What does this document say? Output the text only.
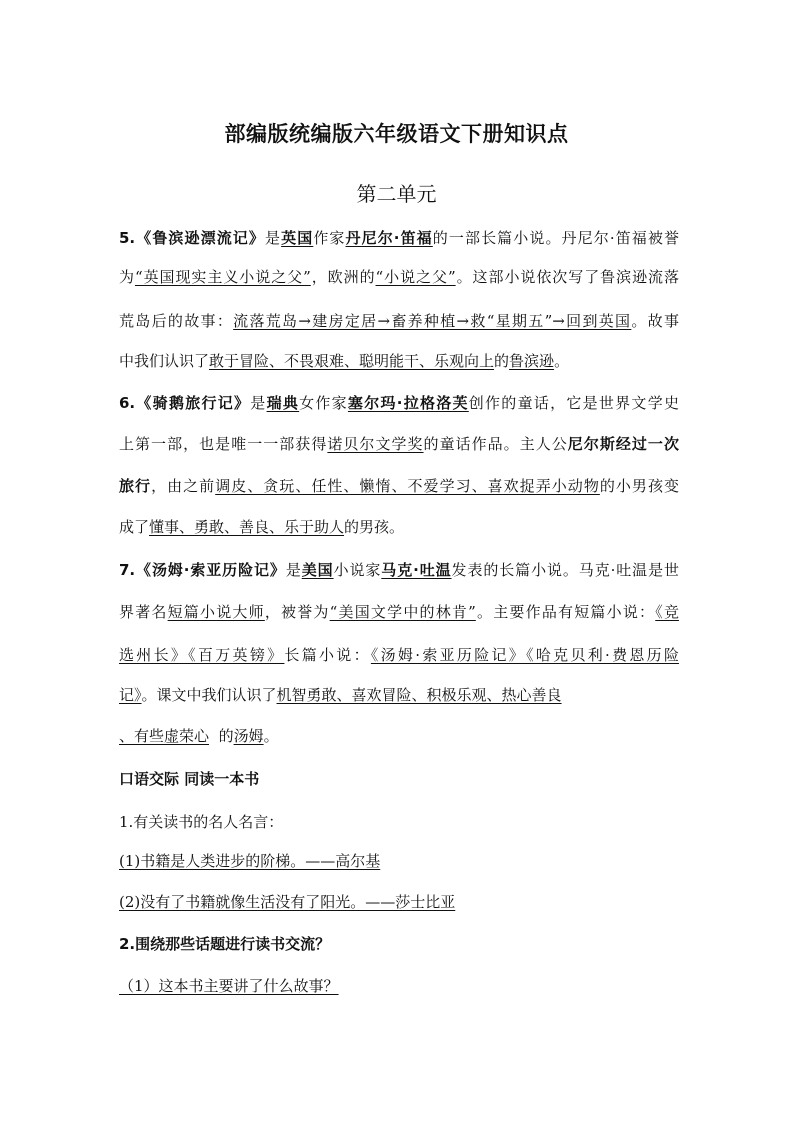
部编版统编版六年级语文下册知识点
第二单元
5.《鲁滨逊漂流记》是英国作家丹尼尔·笛福的一部长篇小说。丹尼尔·笛福被誉
为“英国现实主义小说之父”，欧洲的“小说之父”。这部小说依次写了鲁滨逊流落
荒岛后的故事：流落荒岛→建房定居→畜养种植→救“星期五”→回到英国。故事
中我们认识了敢于冒险、不畏艰难、聪明能干、乐观向上的鲁滨逊。
6.《骑鹅旅行记》是瑞典女作家塞尔玛·拉格洛芙创作的童话，它是世界文学史
上第一部，也是唯一一部获得诺贝尔文学奖的童话作品。主人公尼尔斯经过一次
旅行，由之前调皮、贪玩、任性、懒惰、不爱学习、喜欢捉弄小动物的小男孩变
成了懂事、勇敢、善良、乐于助人的男孩。
7.《汤姆·索亚历险记》是美国小说家马克·吐温发表的长篇小说。马克·吐温是世
界著名短篇小说大师，被誉为“美国文学中的林肯”。主要作品有短篇小说：《竞
选州长》《百万英镑》长篇小说：《汤姆·索亚历险记》《哈克贝利·费恩历险
记》。课文中我们认识了机智勇敢、喜欢冒险、积极乐观、热心善良
、有些虚荣心 的汤姆。
口语交际 同读一本书
1.有关读书的名人名言：
(1)书籍是人类进步的阶梯。——高尔基
(2)没有了书籍就像生活没有了阳光。——莎士比亚
2.围绕那些话题进行读书交流？
（1）这本书主要讲了什么故事？
